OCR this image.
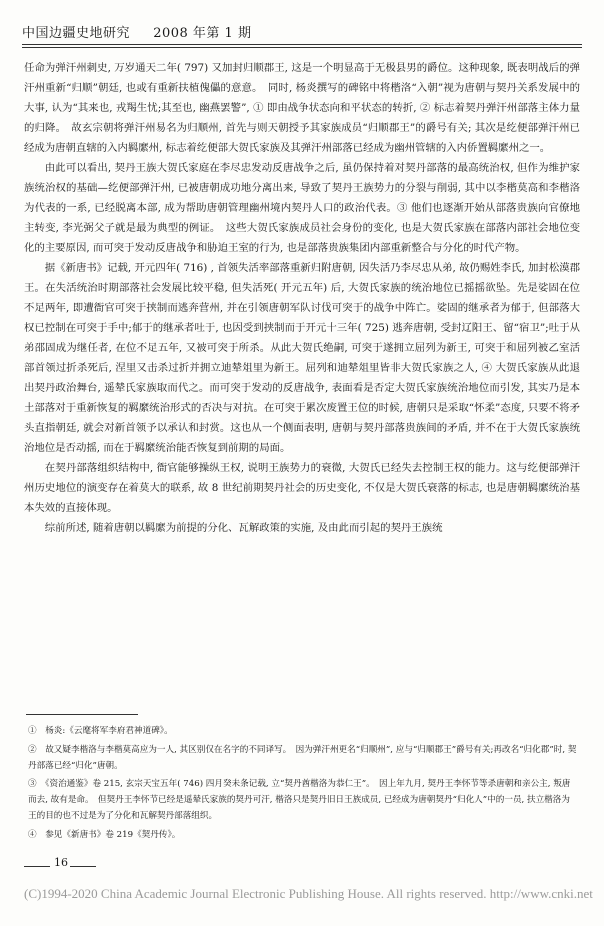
中国边疆史地研究 2008 年第 1 期

任命为弹汗州刺史, 万岁通天二年( 797) 又加封归顺郡王, 这是一个明显高于无极县男的爵位。这种现象, 既表明战后的弹汗州重新“归顺”朝廷, 也或有重新扶植傀儡的意意。　同时, 杨炎撰写的碑铭中将楷洛“入朝”视为唐朝与契丹关系发展中的大事, 认为“其来也, 戎羯生忧;其至也, 幽燕罢警”, ① 即由战争状态向和平状态的转折, ② 标志着契丹弹汗州部落主体力量的归降。　故玄宗朝将弹汗州易名为归顺州, 首先与则天朝授予其家族成员“归顺郡王”的爵号有关; 其次是纥便部弹汗州已经成为唐朝直辖的入内羁縻州, 标志着纥便部大贺氏家族及其弹汗州部落已经成为幽州管辖的入内侨置羁縻州之一。

由此可以看出, 契丹王族大贺氏家庭在李尽忠发动反唐战争之后, 虽仍保持着对契丹部落的最高统治权, 但作为维护家族统治权的基础—纥便部弹汗州, 已被唐朝成功地分离出来, 导致了契丹王族势力的分裂与削弱, 其中以李楷莫高和李楷洛为代表的一系, 已经脱离本部, 成为帮助唐朝管理幽州境内契丹人口的政治代表。③ 他们也逐渐开始从部落贵族向官僚地主转变, 李光弼父子就是最为典型的例证。　这些大贺氏家族成员社会身份的变化, 也是大贺氏家族在部落内部社会地位变化的主要原因, 而可突于发动反唐战争和胁迫王室的行为, 也是部落贵族集团内部重新整合与分化的时代产物。

据《新唐书》记载, 开元四年( 716) , 首领失活率部落重新归附唐朝, 因失活乃李尽忠从弟, 故仍赐姓李氏, 加封松漠郡王。在失活统治时期部落社会发展比较平稳, 但失活死( 开元五年) 后, 大贺氏家族的统治地位已摇摇欲坠。先是娑固在位不足两年, 即遭衙官可突于挟制而逃奔营州, 并在引领唐朝军队讨伐可突于的战争中阵亡。娑固的继承者为郁于, 但部落大权已控制在可突于手中;郁于的继承者吐于, 也因受到挟制而于开元十三年( 725) 逃奔唐朝, 受封辽阳王、留“宿卫”;吐于从弟邵固成为继任者, 在位不足五年, 又被可突于所杀。从此大贺氏绝嗣, 可突于遂拥立屈列为新王, 可突于和屈列被乙室活部首领过折杀死后, 涅里又击杀过折并拥立迪辇俎里为新王。屈列和迪辇俎里皆非大贺氏家族之人, ④ 大贺氏家族从此退出契丹政治舞台, 遥辇氏家族取而代之。而可突于发动的反唐战争, 表面看是否定大贺氏家族统治地位而引发, 其实乃是本土部落对于重新恢复的羁縻统治形式的否决与对抗。在可突于累次废置王位的时候, 唐朝只是采取“怀柔”态度, 只要不将矛头直指朝廷, 就会对新首领予以承认和封赏。这也从一个侧面表明, 唐朝与契丹部落贵族间的矛盾, 并不在于大贺氏家族统治地位是否动摇, 而在于羁縻统治能否恢复到前期的局面。

在契丹部落组织结构中, 衙官能够操纵王权, 说明王族势力的衰微, 大贺氏已经失去控制王权的能力。这与纥便部弹汗州历史地位的演变存在着莫大的联系, 故 8 世纪前期契丹社会的历史变化, 不仅是大贺氏衰落的标志, 也是唐朝羁縻统治基本失效的直接体现。

综前所述, 随着唐朝以羁縻为前提的分化、瓦解政策的实施, 及由此而引起的契丹王族统

①　杨炎:《云麾将军李府君神道碑》。

②　故又疑李楷洛与李楷莫高应为一人, 其区别仅在名字的不同译写。　因为弹汗州更名“归顺州”, 应与“归顺郡王”爵号有关;再改名“归化郡”时, 契丹部落已经“归化”唐朝。

③　《资治通鉴》卷 215, 玄宗天宝五年( 746) 四月癸未条记载, 立“契丹酋楷洛为恭仁王”。　因上年九月, 契丹王李怀节等杀唐朝和亲公主, 叛唐而去, 故有是命。　但契丹王李怀节已经是遥辇氏家族的契丹可汗, 楷洛只是契丹旧日王族成员, 已经成为唐朝契丹“归化人”中的一员, 扶立楷洛为王的目的也不过是为了分化和瓦解契丹部落组织。

④　参见《新唐书》卷 219《契丹传》。

16
(C)1994-2020 China Academic Journal Electronic Publishing House. All rights reserved. http://www.cnki.net
